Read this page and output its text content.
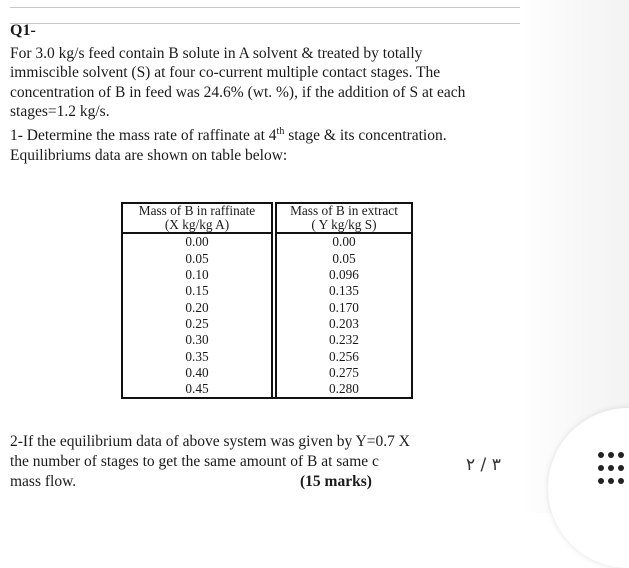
Q1-

For 3.0 kg/s feed contain B solute in A solvent & treated by totally
immiscible solvent (S) at four co-current multiple contact stages. The
concentration of B in feed was 24.6% (wt. %), if the addition of S at each
stages=1.2 kg/s.

1- Determine the mass rate of raffinate at 4th stage & its concentration.
Equilibriums data are shown on table below:

Mass of B in raffinate
(X kg/kg A)		Mass of B in extract
( Y kg/kg S)
0.00		0.00
0.05		0.05
0.10		0.096
0.15		0.135
0.20		0.170
0.25		0.203
0.30		0.232
0.35		0.256
0.40		0.275
0.45		0.280
2-If the equilibrium data of above system was given by Y=0.7 X
the number of stages to get the same amount of B at same c
mass flow.	(15 marks)
٣ / ٢
